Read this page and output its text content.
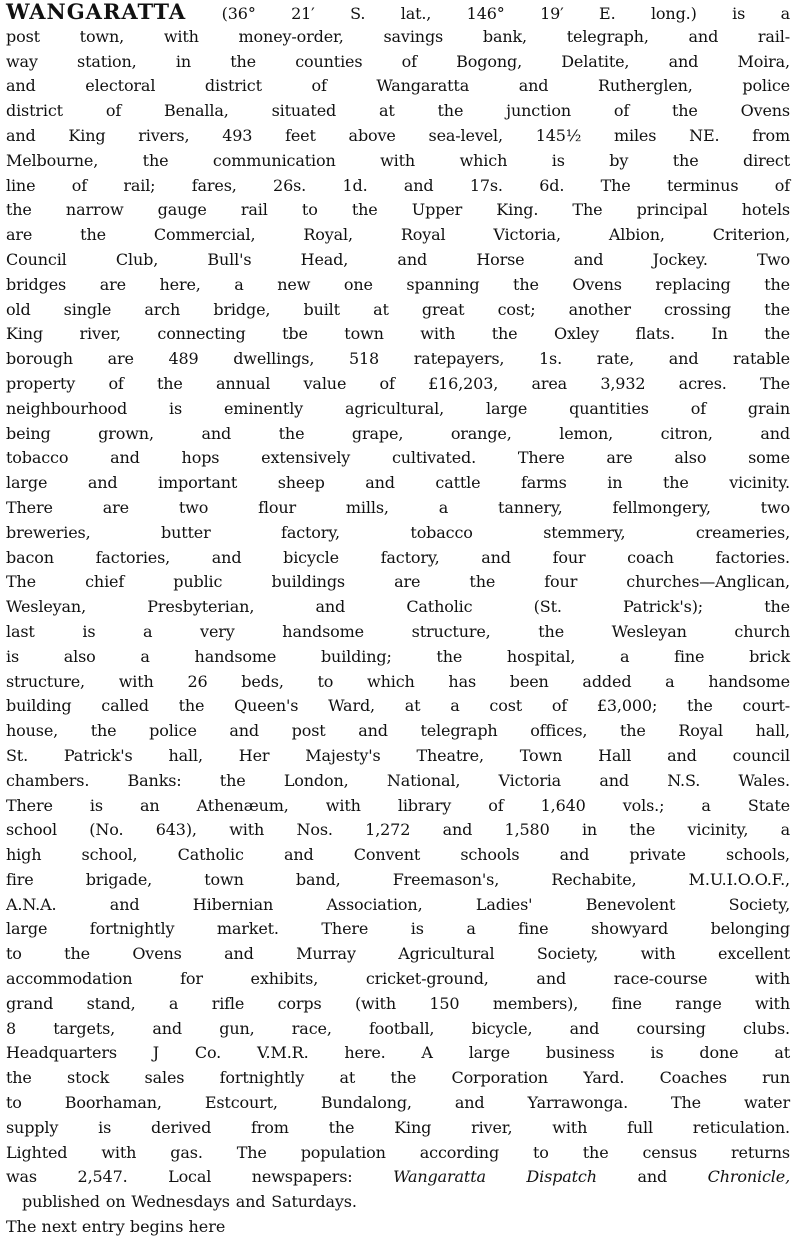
WANGARATTA (36° 21′ S. lat., 146° 19′ E. long.) is a
post town, with money-order, savings bank, telegraph, and rail-
way station, in the counties of Bogong, Delatite, and Moira,
and electoral district of Wangaratta and Rutherglen, police
district of Benalla, situated at the junction of the Ovens
and King rivers, 493 feet above sea-level, 145½ miles NE. from
Melbourne, the communication with which is by the direct
line of rail; fares, 26s. 1d. and 17s. 6d. The terminus of
the narrow gauge rail to the Upper King. The principal hotels
are the Commercial, Royal, Royal Victoria, Albion, Criterion,
Council Club, Bull's Head, and Horse and Jockey. Two
bridges are here, a new one spanning the Ovens replacing the
old single arch bridge, built at great cost; another crossing the
King river, connecting tbe town with the Oxley flats. In the
borough are 489 dwellings, 518 ratepayers, 1s. rate, and ratable
property of the annual value of £16,203, area 3,932 acres. The
neighbourhood is eminently agricultural, large quantities of grain
being grown, and the grape, orange, lemon, citron, and
tobacco and hops extensively cultivated. There are also some
large and important sheep and cattle farms in the vicinity.
There are two flour mills, a tannery, fellmongery, two
breweries, butter factory, tobacco stemmery, creameries,
bacon factories, and bicycle factory, and four coach factories.
The chief public buildings are the four churches—Anglican,
Wesleyan, Presbyterian, and Catholic (St. Patrick's); the
last is a very handsome structure, the Wesleyan church
is also a handsome building; the hospital, a fine brick
structure, with 26 beds, to which has been added a handsome
building called the Queen's Ward, at a cost of £3,000; the court-
house, the police and post and telegraph offices, the Royal hall,
St. Patrick's hall, Her Majesty's Theatre, Town Hall and council
chambers. Banks: the London, National, Victoria and N.S. Wales.
There is an Athenæum, with library of 1,640 vols.; a State
school (No. 643), with Nos. 1,272 and 1,580 in the vicinity, a
high school, Catholic and Convent schools and private schools,
fire brigade, town band, Freemason's, Rechabite, M.U.I.O.O.F.,
A.N.A. and Hibernian Association, Ladies' Benevolent Society,
large fortnightly market. There is a fine showyard belonging
to the Ovens and Murray Agricultural Society, with excellent
accommodation for exhibits, cricket-ground, and race-course with
grand stand, a rifle corps (with 150 members), fine range with
8 targets, and gun, race, football, bicycle, and coursing clubs.
Headquarters J Co. V.M.R. here. A large business is done at
the stock sales fortnightly at the Corporation Yard. Coaches run
to Boorhaman, Estcourt, Bundalong, and Yarrawonga. The water
supply is derived from the King river, with full reticulation.
Lighted with gas. The population according to the census returns
was 2,547. Local newspapers:	Wangaratta Dispatch	and	Chronicle,
published on Wednesdays and Saturdays.
The next entry begins here
